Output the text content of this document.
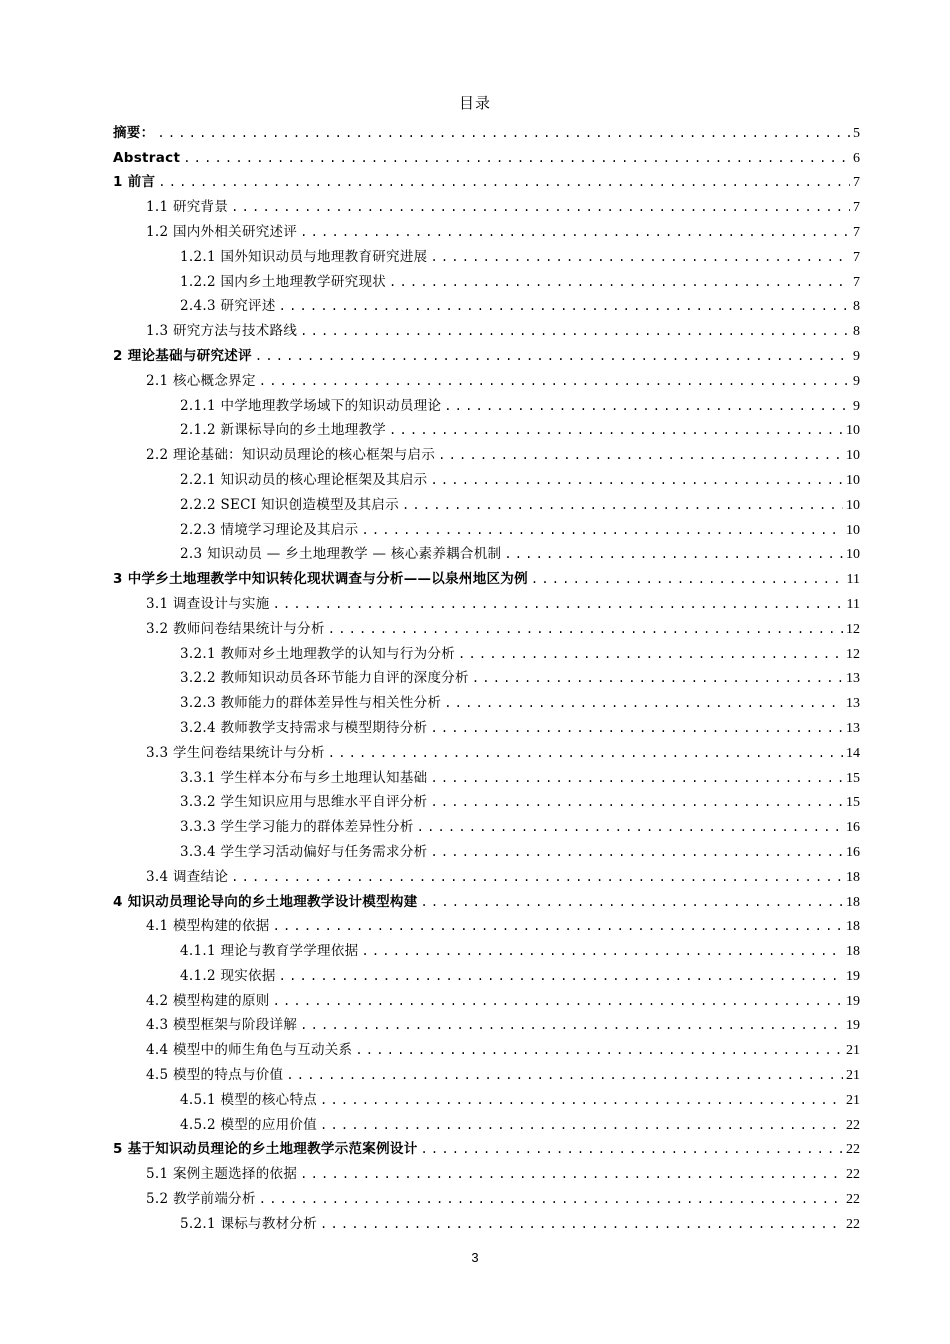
目录
摘要： .....	5
Abstract .....	6
1 前言 .....	7
1.1 研究背景 .....	7
1.2 国内外相关研究述评 .....	7
1.2.1 国外知识动员与地理教育研究进展 .....	7
1.2.2 国内乡土地理教学研究现状 .....	7
2.4.3 研究评述 .....	8
1.3 研究方法与技术路线 .....	8
2 理论基础与研究述评 .....	9
2.1 核心概念界定 .....	9
2.1.1 中学地理教学场域下的知识动员理论 .....	9
2.1.2 新课标导向的乡土地理教学 .....	10
2.2 理论基础：知识动员理论的核心框架与启示 .....	10
2.2.1 知识动员的核心理论框架及其启示 .....	10
2.2.2 SECI 知识创造模型及其启示 .....	10
2.2.3 情境学习理论及其启示 .....	10
2.3 知识动员 — 乡土地理教学 — 核心素养耦合机制 .....	10
3 中学乡土地理教学中知识转化现状调查与分析——以泉州地区为例 .....	11
3.1 调查设计与实施 .....	11
3.2 教师问卷结果统计与分析 .....	12
3.2.1 教师对乡土地理教学的认知与行为分析 .....	12
3.2.2 教师知识动员各环节能力自评的深度分析 .....	13
3.2.3 教师能力的群体差异性与相关性分析 .....	13
3.2.4 教师教学支持需求与模型期待分析 .....	13
3.3 学生问卷结果统计与分析 .....	14
3.3.1 学生样本分布与乡土地理认知基础 .....	15
3.3.2 学生知识应用与思维水平自评分析 .....	15
3.3.3 学生学习能力的群体差异性分析 .....	16
3.3.4 学生学习活动偏好与任务需求分析 .....	16
3.4 调查结论 .....	18
4 知识动员理论导向的乡土地理教学设计模型构建 .....	18
4.1 模型构建的依据 .....	18
4.1.1 理论与教育学学理依据 .....	18
4.1.2 现实依据 .....	19
4.2 模型构建的原则 .....	19
4.3 模型框架与阶段详解 .....	19
4.4 模型中的师生角色与互动关系 .....	21
4.5 模型的特点与价值 .....	21
4.5.1 模型的核心特点 .....	21
4.5.2 模型的应用价值 .....	22
5 基于知识动员理论的乡土地理教学示范案例设计 .....	22
5.1 案例主题选择的依据 .....	22
5.2 教学前端分析 .....	22
5.2.1 课标与教材分析 .....	22
3
